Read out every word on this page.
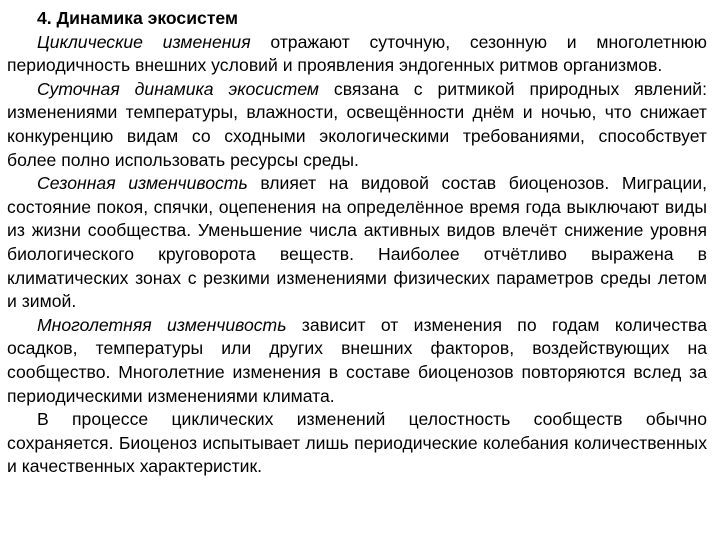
4. Динамика экосистем

Циклические изменения отражают суточную, сезонную и многолетнюю периодичность внешних условий и проявления эндогенных ритмов организмов.

Суточная динамика экосистем связана с ритмикой природных явлений: изменениями температуры, влажности, освещённости днём и ночью, что снижает конкуренцию видам со сходными экологическими требованиями, способствует более полно использовать ресурсы среды.

Сезонная изменчивость влияет на видовой состав биоценозов. Миграции, состояние покоя, спячки, оцепенения на определённое время года выключают виды из жизни сообщества. Уменьшение числа активных видов влечёт снижение уровня биологического круговорота веществ. Наиболее отчётливо выражена в климатических зонах с резкими изменениями физических параметров среды летом и зимой.

Многолетняя изменчивость зависит от изменения по годам количества осадков, температуры или других внешних факторов, воздействующих на сообщество. Многолетние изменения в составе биоценозов повторяются вслед за периодическими изменениями климата.

В процессе циклических изменений целостность сообществ обычно сохраняется. Биоценоз испытывает лишь периодические колебания количественных и качественных характеристик.
